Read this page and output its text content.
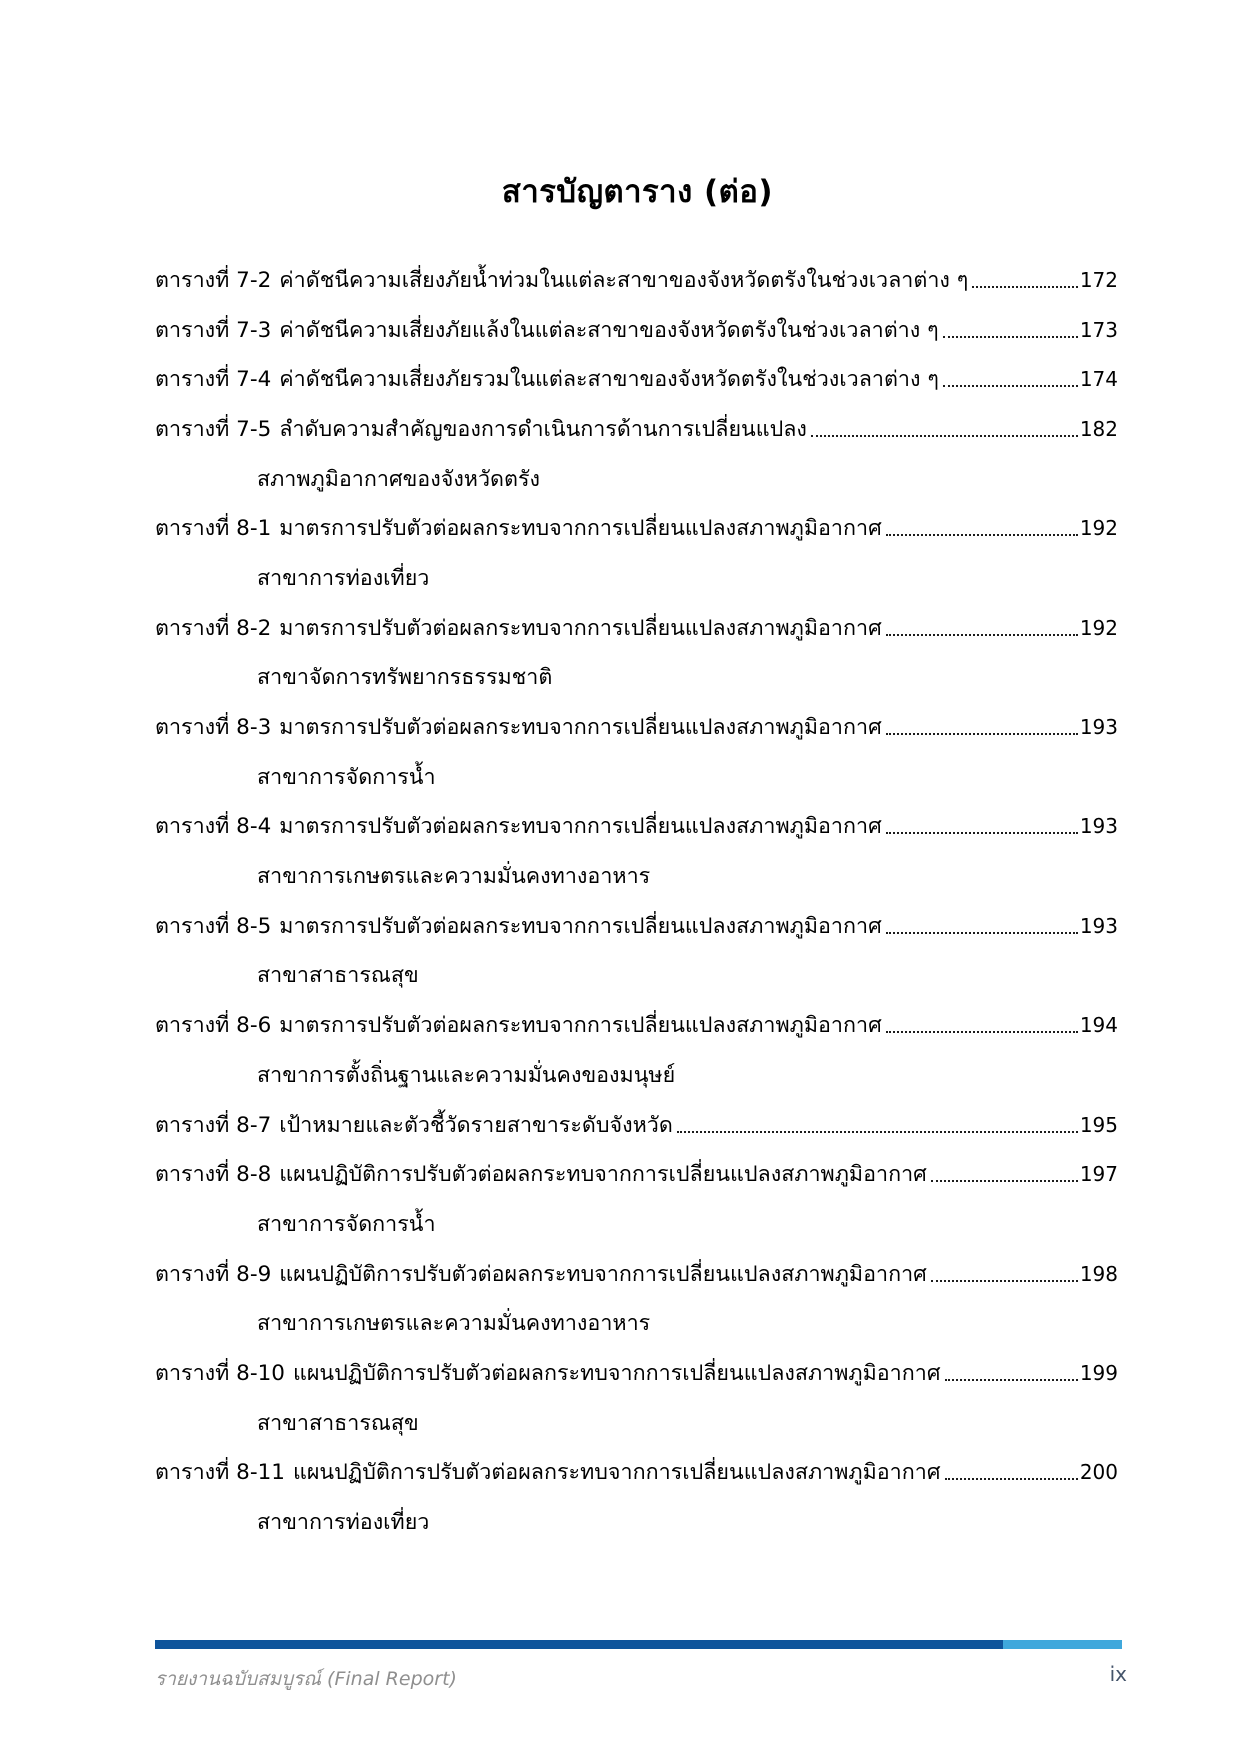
สารบัญตาราง (ต่อ)
ตารางที่ 7-2 ค่าดัชนีความเสี่ยงภัยน้ำท่วมในแต่ละสาขาของจังหวัดตรังในช่วงเวลาต่าง ๆ	172
ตารางที่ 7-3 ค่าดัชนีความเสี่ยงภัยแล้งในแต่ละสาขาของจังหวัดตรังในช่วงเวลาต่าง ๆ	173
ตารางที่ 7-4 ค่าดัชนีความเสี่ยงภัยรวมในแต่ละสาขาของจังหวัดตรังในช่วงเวลาต่าง ๆ	174
ตารางที่ 7-5 ลำดับความสำคัญของการดำเนินการด้านการเปลี่ยนแปลง	182
สภาพภูมิอากาศของจังหวัดตรัง
ตารางที่ 8-1 มาตรการปรับตัวต่อผลกระทบจากการเปลี่ยนแปลงสภาพภูมิอากาศ	192
สาขาการท่องเที่ยว
ตารางที่ 8-2 มาตรการปรับตัวต่อผลกระทบจากการเปลี่ยนแปลงสภาพภูมิอากาศ	192
สาขาจัดการทรัพยากรธรรมชาติ
ตารางที่ 8-3 มาตรการปรับตัวต่อผลกระทบจากการเปลี่ยนแปลงสภาพภูมิอากาศ	193
สาขาการจัดการน้ำ
ตารางที่ 8-4 มาตรการปรับตัวต่อผลกระทบจากการเปลี่ยนแปลงสภาพภูมิอากาศ	193
สาขาการเกษตรและความมั่นคงทางอาหาร
ตารางที่ 8-5 มาตรการปรับตัวต่อผลกระทบจากการเปลี่ยนแปลงสภาพภูมิอากาศ	193
สาขาสาธารณสุข
ตารางที่ 8-6 มาตรการปรับตัวต่อผลกระทบจากการเปลี่ยนแปลงสภาพภูมิอากาศ	194
สาขาการตั้งถิ่นฐานและความมั่นคงของมนุษย์
ตารางที่ 8-7 เป้าหมายและตัวชี้วัดรายสาขาระดับจังหวัด	195
ตารางที่ 8-8 แผนปฏิบัติการปรับตัวต่อผลกระทบจากการเปลี่ยนแปลงสภาพภูมิอากาศ	197
สาขาการจัดการน้ำ
ตารางที่ 8-9 แผนปฏิบัติการปรับตัวต่อผลกระทบจากการเปลี่ยนแปลงสภาพภูมิอากาศ	198
สาขาการเกษตรและความมั่นคงทางอาหาร
ตารางที่ 8-10 แผนปฏิบัติการปรับตัวต่อผลกระทบจากการเปลี่ยนแปลงสภาพภูมิอากาศ	199
สาขาสาธารณสุข
ตารางที่ 8-11 แผนปฏิบัติการปรับตัวต่อผลกระทบจากการเปลี่ยนแปลงสภาพภูมิอากาศ	200
สาขาการท่องเที่ยว
รายงานฉบับสมบูรณ์ (Final Report)	ix
